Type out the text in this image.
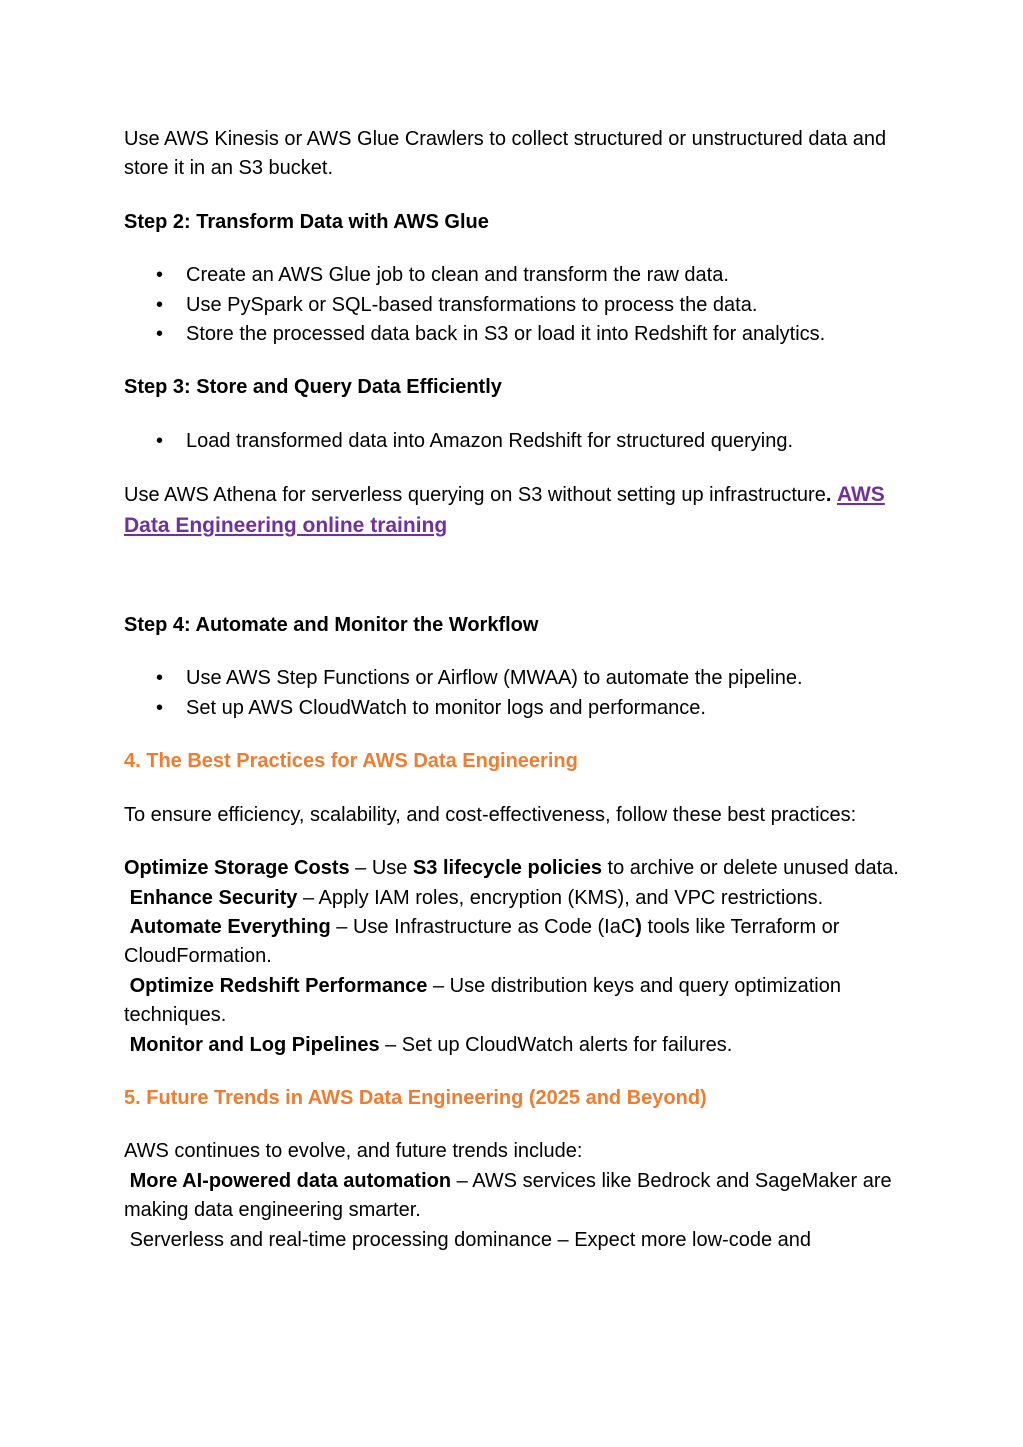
Use AWS Kinesis or AWS Glue Crawlers to collect structured or unstructured data and store it in an S3 bucket.

Step 2: Transform Data with AWS Glue

• Create an AWS Glue job to clean and transform the raw data.
• Use PySpark or SQL-based transformations to process the data.
• Store the processed data back in S3 or load it into Redshift for analytics.

Step 3: Store and Query Data Efficiently

• Load transformed data into Amazon Redshift for structured querying.

Use AWS Athena for serverless querying on S3 without setting up infrastructure. AWS Data Engineering online training

Step 4: Automate and Monitor the Workflow

• Use AWS Step Functions or Airflow (MWAA) to automate the pipeline.
• Set up AWS CloudWatch to monitor logs and performance.

4. The Best Practices for AWS Data Engineering

To ensure efficiency, scalability, and cost-effectiveness, follow these best practices:

Optimize Storage Costs – Use S3 lifecycle policies to archive or delete unused data.

Enhance Security – Apply IAM roles, encryption (KMS), and VPC restrictions.

Automate Everything – Use Infrastructure as Code (IaC) tools like Terraform or CloudFormation.

Optimize Redshift Performance – Use distribution keys and query optimization techniques.

Monitor and Log Pipelines – Set up CloudWatch alerts for failures.

5. Future Trends in AWS Data Engineering (2025 and Beyond)

AWS continues to evolve, and future trends include:

More AI-powered data automation – AWS services like Bedrock and SageMaker are making data engineering smarter.

Serverless and real-time processing dominance – Expect more low-code and
